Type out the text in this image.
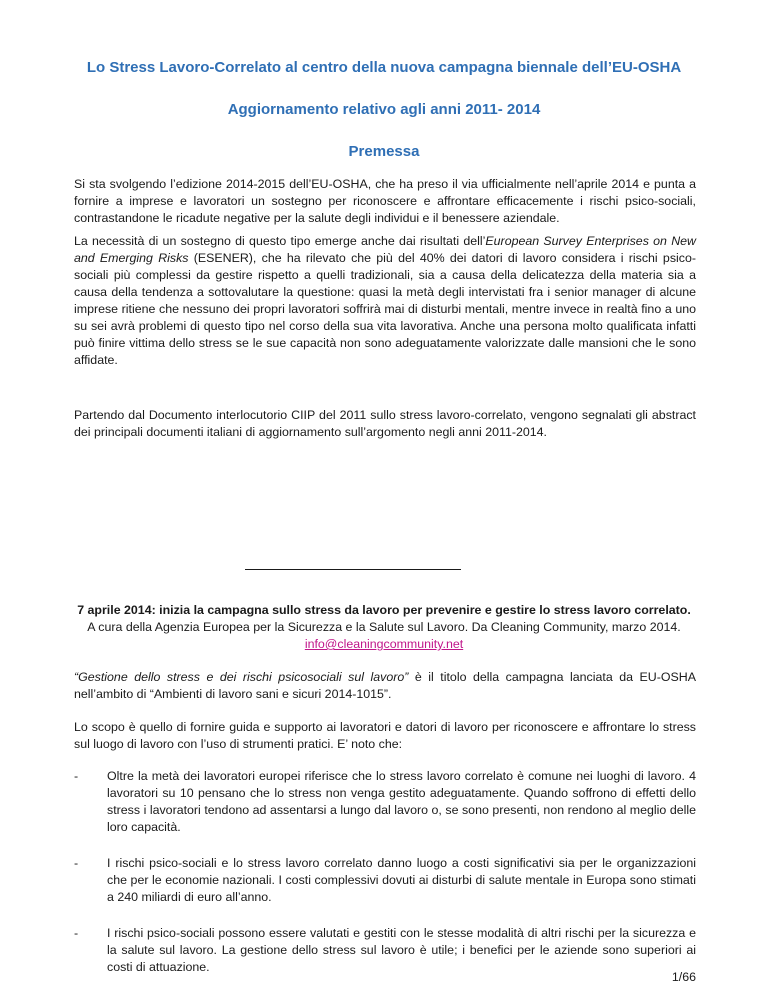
Lo Stress Lavoro-Correlato al centro della nuova campagna biennale dell’EU-OSHA
Aggiornamento relativo agli anni 2011- 2014
Premessa

Si sta svolgendo l’edizione 2014-2015 dell’EU-OSHA, che ha preso il via ufficialmente nell’aprile 2014 e punta a fornire a imprese e lavoratori un sostegno per riconoscere e affrontare efficacemente i rischi psico-sociali, contrastandone le ricadute negative per la salute degli individui e il benessere aziendale.

La necessità di un sostegno di questo tipo emerge anche dai risultati dell’European Survey Enterprises on New and Emerging Risks (ESENER), che ha rilevato che più del 40% dei datori di lavoro considera i rischi psico-sociali più complessi da gestire rispetto a quelli tradizionali, sia a causa della delicatezza della materia sia a causa della tendenza a sottovalutare la questione: quasi la metà degli intervistati fra i senior manager di alcune imprese ritiene che nessuno dei propri lavoratori soffrirà mai di disturbi mentali, mentre invece in realtà fino a uno su sei avrà problemi di questo tipo nel corso della sua vita lavorativa. Anche una persona molto qualificata infatti può finire vittima dello stress se le sue capacità non sono adeguatamente valorizzate dalle mansioni che le sono affidate.

Partendo dal Documento interlocutorio CIIP del 2011 sullo stress lavoro-correlato, vengono segnalati gli abstract dei principali documenti italiani di aggiornamento sull’argomento negli anni 2011-2014.

7 aprile 2014: inizia la campagna sullo stress da lavoro per prevenire e gestire lo stress lavoro correlato.
A cura della Agenzia Europea per la Sicurezza e la Salute sul Lavoro. Da Cleaning Community, marzo 2014.
info@cleaningcommunity.net

“Gestione dello stress e dei rischi psicosociali sul lavoro” è il titolo della campagna lanciata da EU-OSHA nell’ambito di “Ambienti di lavoro sani e sicuri 2014-1015”.

Lo scopo è quello di fornire guida e supporto ai lavoratori e datori di lavoro per riconoscere e affrontare lo stress sul luogo di lavoro con l’uso di strumenti pratici. E’ noto che:

- Oltre la metà dei lavoratori europei riferisce che lo stress lavoro correlato è comune nei luoghi di lavoro. 4 lavoratori su 10 pensano che lo stress non venga gestito adeguatamente. Quando soffrono di effetti dello stress i lavoratori tendono ad assentarsi a lungo dal lavoro o, se sono presenti, non rendono al meglio delle loro capacità.

- I rischi psico-sociali e lo stress lavoro correlato danno luogo a costi significativi sia per le organizzazioni che per le economie nazionali. I costi complessivi dovuti ai disturbi di salute mentale in Europa sono stimati a 240 miliardi di euro all’anno.

- I rischi psico-sociali possono essere valutati e gestiti con le stesse modalità di altri rischi per la sicurezza e la salute sul lavoro. La gestione dello stress sul lavoro è utile; i benefici per le aziende sono superiori ai costi di attuazione.

1/66
